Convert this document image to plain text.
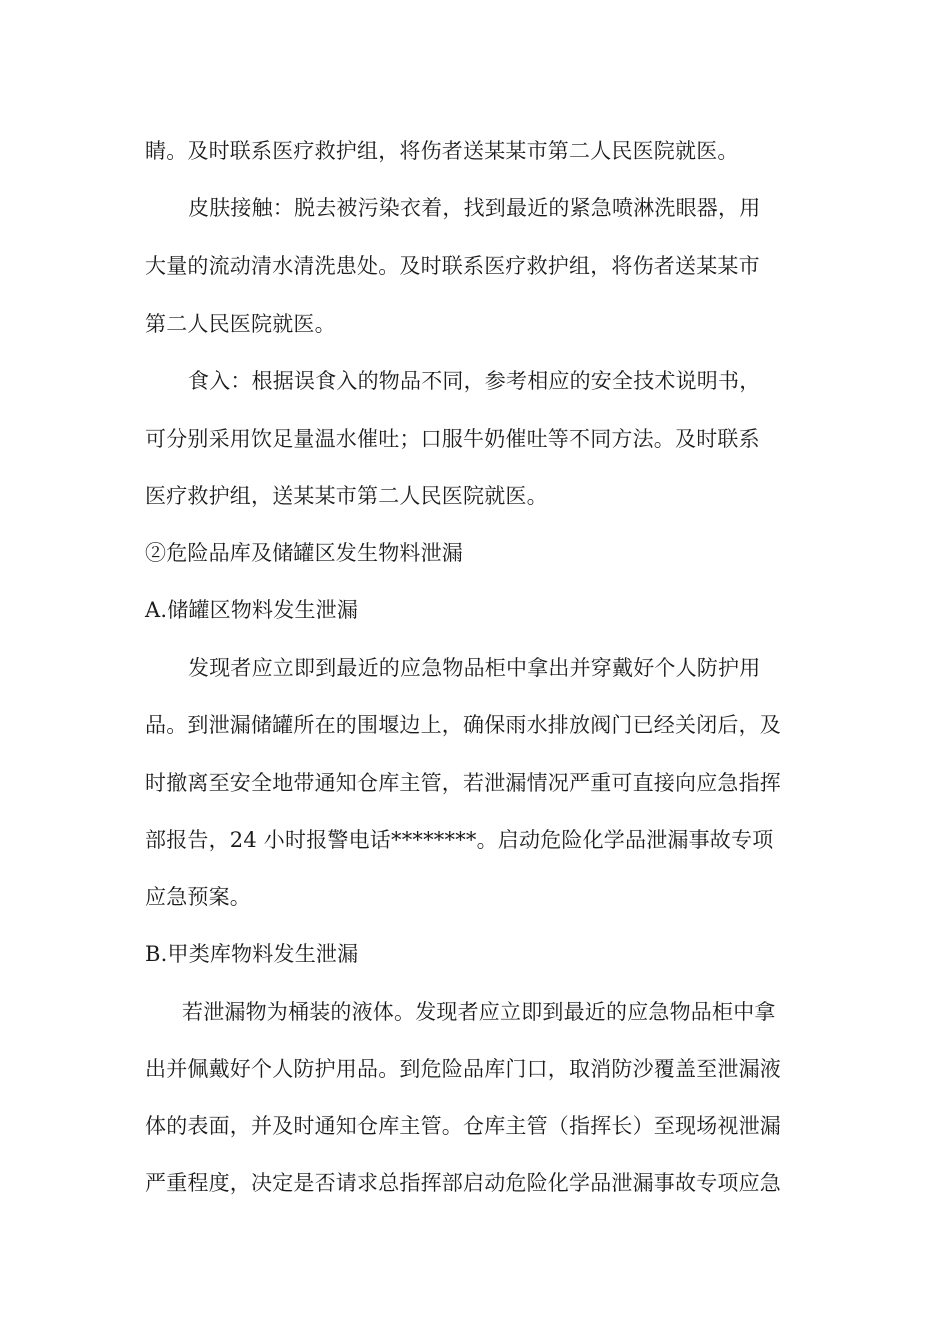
睛。及时联系医疗救护组，将伤者送某某市第二人民医院就医。
皮肤接触：脱去被污染衣着，找到最近的紧急喷淋洗眼器，用
大量的流动清水清洗患处。及时联系医疗救护组，将伤者送某某市
第二人民医院就医。
食入：根据误食入的物品不同，参考相应的安全技术说明书，
可分别采用饮足量温水催吐；口服牛奶催吐等不同方法。及时联系
医疗救护组，送某某市第二人民医院就医。
②危险品库及储罐区发生物料泄漏
A.储罐区物料发生泄漏
发现者应立即到最近的应急物品柜中拿出并穿戴好个人防护用
品。到泄漏储罐所在的围堰边上，确保雨水排放阀门已经关闭后，及
时撤离至安全地带通知仓库主管，若泄漏情况严重可直接向应急指挥
部报告，24 小时报警电话********。启动危险化学品泄漏事故专项
应急预案。
B.甲类库物料发生泄漏
若泄漏物为桶装的液体。发现者应立即到最近的应急物品柜中拿
出并佩戴好个人防护用品。到危险品库门口，取消防沙覆盖至泄漏液
体的表面，并及时通知仓库主管。仓库主管（指挥长）至现场视泄漏
严重程度，决定是否请求总指挥部启动危险化学品泄漏事故专项应急
